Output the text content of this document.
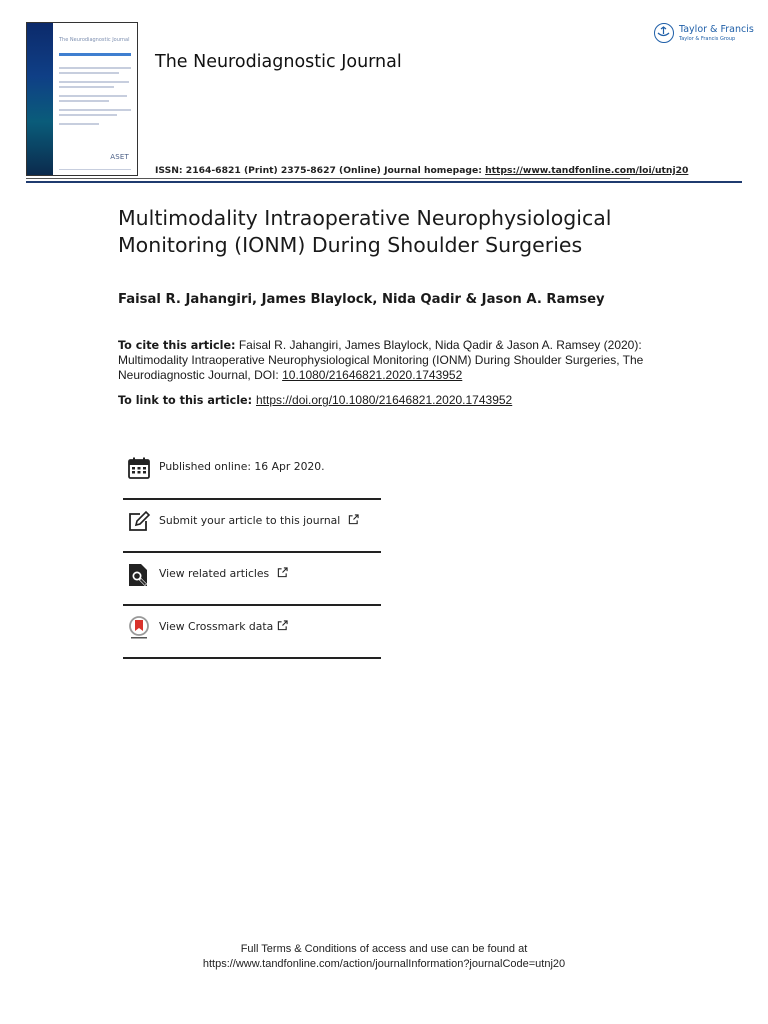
The Neurodiagnostic Journal
ASET
The Neurodiagnostic Journal
Taylor & Francis
Taylor & Francis Group
ISSN: 2164-6821 (Print) 2375-8627 (Online) Journal homepage: https://www.tandfonline.com/loi/utnj20
Multimodality Intraoperative Neurophysiological Monitoring (IONM) During Shoulder Surgeries
Faisal R. Jahangiri, James Blaylock, Nida Qadir & Jason A. Ramsey
To cite this article: Faisal R. Jahangiri, James Blaylock, Nida Qadir & Jason A. Ramsey (2020): Multimodality Intraoperative Neurophysiological Monitoring (IONM) During Shoulder Surgeries, The Neurodiagnostic Journal, DOI: 10.1080/21646821.2020.1743952
To link to this article: https://doi.org/10.1080/21646821.2020.1743952
Published online: 16 Apr 2020.
Submit your article to this journal
View related articles
View Crossmark data
Full Terms & Conditions of access and use can be found at
https://www.tandfonline.com/action/journalInformation?journalCode=utnj20
